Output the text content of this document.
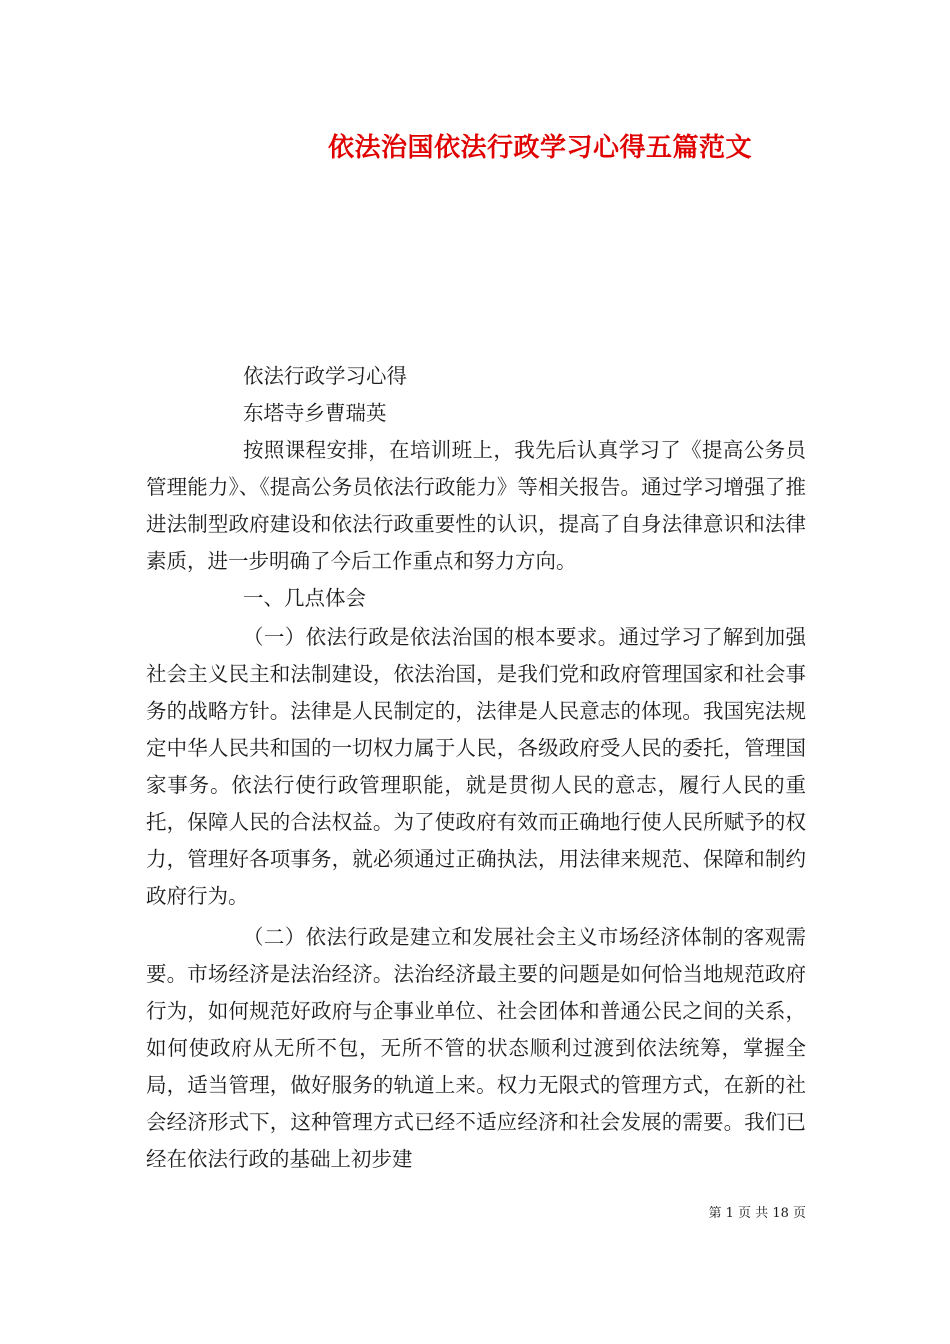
依法治国依法行政学习心得五篇范文

依法行政学习心得

东塔寺乡曹瑞英

按照课程安排，在培训班上，我先后认真学习了《提高公务员管理能力》、《提高公务员依法行政能力》等相关报告。通过学习增强了推进法制型政府建设和依法行政重要性的认识，提高了自身法律意识和法律素质，进一步明确了今后工作重点和努力方向。

一、几点体会

（一）依法行政是依法治国的根本要求。通过学习了解到加强社会主义民主和法制建设，依法治国，是我们党和政府管理国家和社会事务的战略方针。法律是人民制定的，法律是人民意志的体现。我国宪法规定中华人民共和国的一切权力属于人民，各级政府受人民的委托，管理国家事务。依法行使行政管理职能，就是贯彻人民的意志，履行人民的重托，保障人民的合法权益。为了使政府有效而正确地行使人民所赋予的权力，管理好各项事务，就必须通过正确执法，用法律来规范、保障和制约政府行为。

（二）依法行政是建立和发展社会主义市场经济体制的客观需要。市场经济是法治经济。法治经济最主要的问题是如何恰当地规范政府行为，如何规范好政府与企事业单位、社会团体和普通公民之间的关系，如何使政府从无所不包，无所不管的状态顺利过渡到依法统筹，掌握全局，适当管理，做好服务的轨道上来。权力无限式的管理方式，在新的社会经济形式下，这种管理方式已经不适应经济和社会发展的需要。我们已经在依法行政的基础上初步建

第 1 页 共 18 页
